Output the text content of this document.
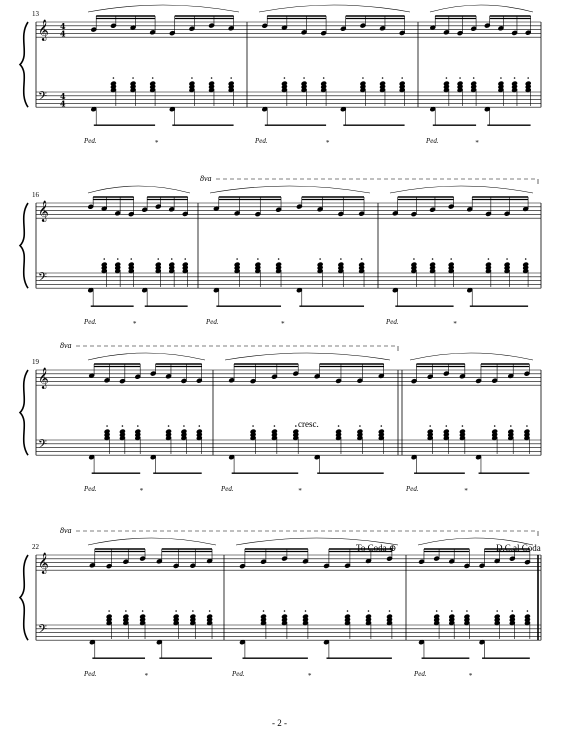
𝄞
𝄢
4
4
4
4
𝄞
𝄢
𝄞
𝄢
𝄞
𝄢
13
Ped.	*	Ped.	*	Ped.	*
16
8va
Ped.	*	Ped.	*	Ped.	*
19
8va
Ped.	*	Ped.	*	Ped.	*
22
8va
Ped.	*	Ped.	*	Ped.	*
- 2 -
cresc.
To Coda ⊕	D.C.al Coda
